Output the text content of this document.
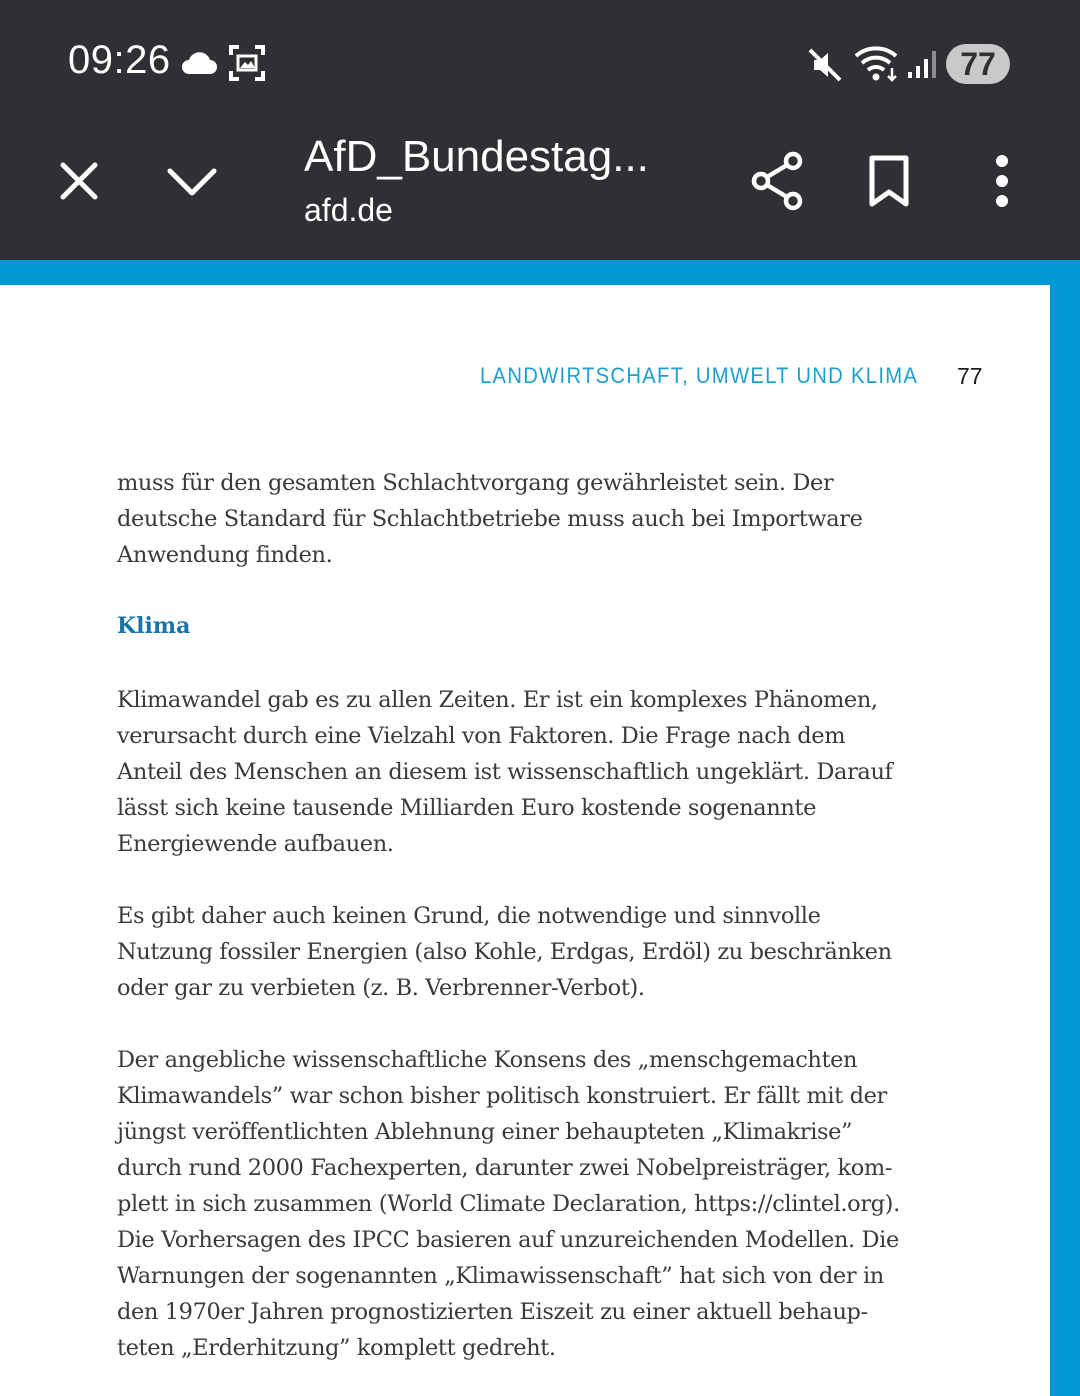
09:26	77
AfD_Bundestag...
afd.de
LANDWIRTSCHAFT, UMWELT UND KLIMA 77
muss für den gesamten Schlachtvorgang gewährleistet sein. Der
deutsche Standard für Schlachtbetriebe muss auch bei Importware
Anwendung finden.
Klima
Klimawandel gab es zu allen Zeiten. Er ist ein komplexes Phänomen,
verursacht durch eine Vielzahl von Faktoren. Die Frage nach dem
Anteil des Menschen an diesem ist wissenschaftlich ungeklärt. Darauf
lässt sich keine tausende Milliarden Euro kostende sogenannte
Energiewende aufbauen.
Es gibt daher auch keinen Grund, die notwendige und sinnvolle
Nutzung fossiler Energien (also Kohle, Erdgas, Erdöl) zu beschränken
oder gar zu verbieten (z. B. Verbrenner-Verbot).
Der angebliche wissenschaftliche Konsens des „menschgemachten
Klimawandels” war schon bisher politisch konstruiert. Er fällt mit der
jüngst veröffentlichten Ablehnung einer behaupteten „Klimakrise”
durch rund 2000 Fachexperten, darunter zwei Nobelpreisträger, kom-
plett in sich zusammen (World Climate Declaration, https://clintel.org).
Die Vorhersagen des IPCC basieren auf unzureichenden Modellen. Die
Warnungen der sogenannten „Klimawissenschaft” hat sich von der in
den 1970er Jahren prognostizierten Eiszeit zu einer aktuell behaup-
teten „Erderhitzung” komplett gedreht.
